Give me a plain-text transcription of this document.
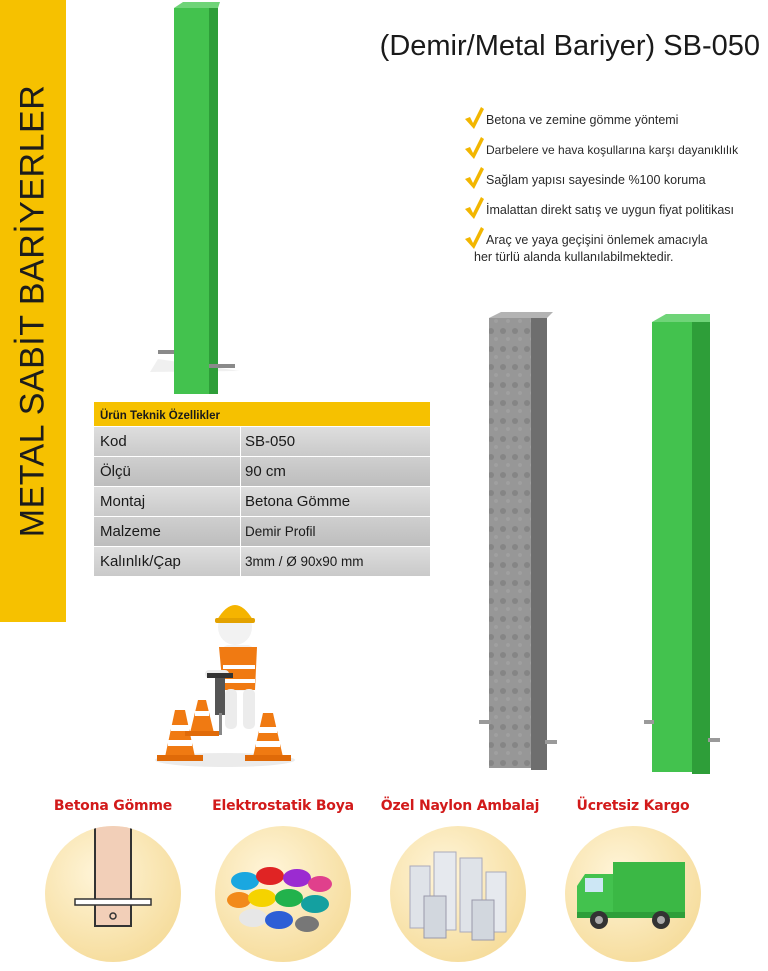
METAL SABİT BARİYERLER
(Demir/Metal Bariyer) SB-050
Betona ve zemine gömme yöntemi
Darbelere ve hava koşullarına karşı dayanıklılık
Sağlam yapısı sayesinde %100 koruma
İmalattan direkt satış ve uygun fiyat politikası
Araç ve yaya geçişini önlemek amacıyla
her türlü alanda kullanılabilmektedir.
Ürün Teknik Özellikler
Kod	SB-050
Ölçü	90 cm
Montaj	Betona Gömme
Malzeme	Demir Profil
Kalınlık/Çap	3mm / Ø 90x90 mm
Betona Gömme	Elektrostatik Boya Özel Naylon Ambalaj	Ücretsiz Kargo
